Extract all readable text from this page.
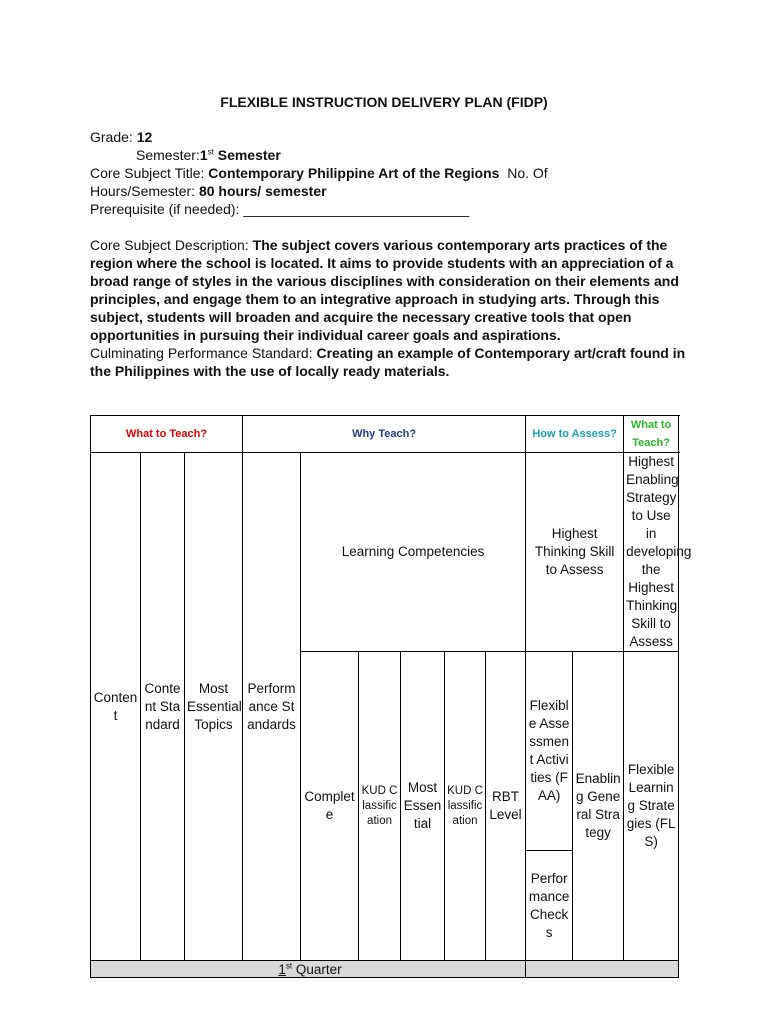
FLEXIBLE INSTRUCTION DELIVERY PLAN (FIDP)
Grade: 12
Semester:1st Semester
Core Subject Title: Contemporary Philippine Art of the Regions No. Of
Hours/Semester: 80 hours/ semester
Prerequisite (if needed): _____________________________
Core Subject Description: The subject covers various contemporary arts practices of the region where the school is located. It aims to provide students with an appreciation of a broad range of styles in the various disciplines with consideration on their elements and principles, and engage them to an integrative approach in studying arts. Through this subject, students will broaden and acquire the necessary creative tools that open opportunities in pursuing their individual career goals and aspirations.
Culminating Performance Standard: Creating an example of Contemporary art/craft found in the Philippines with the use of locally ready materials.
What to Teach?			Why Teach?						How to Assess?		What to Teach?
Content	Content Standard	Most Essential Topics	Performance Standards	Learning Competencies					Highest Thinking Skill to Assess		Highest Enabling Strategy to Use in developing the Highest Thinking Skill to Assess
				Complete	KUD Classification	Most Essential	KUD Classification	RBT Level	Flexible Assessment Activities (FAA)	Enabling General Strategy	Flexible Learning Strategies (FLS)
									Performance Checks		
1st Quarter											
